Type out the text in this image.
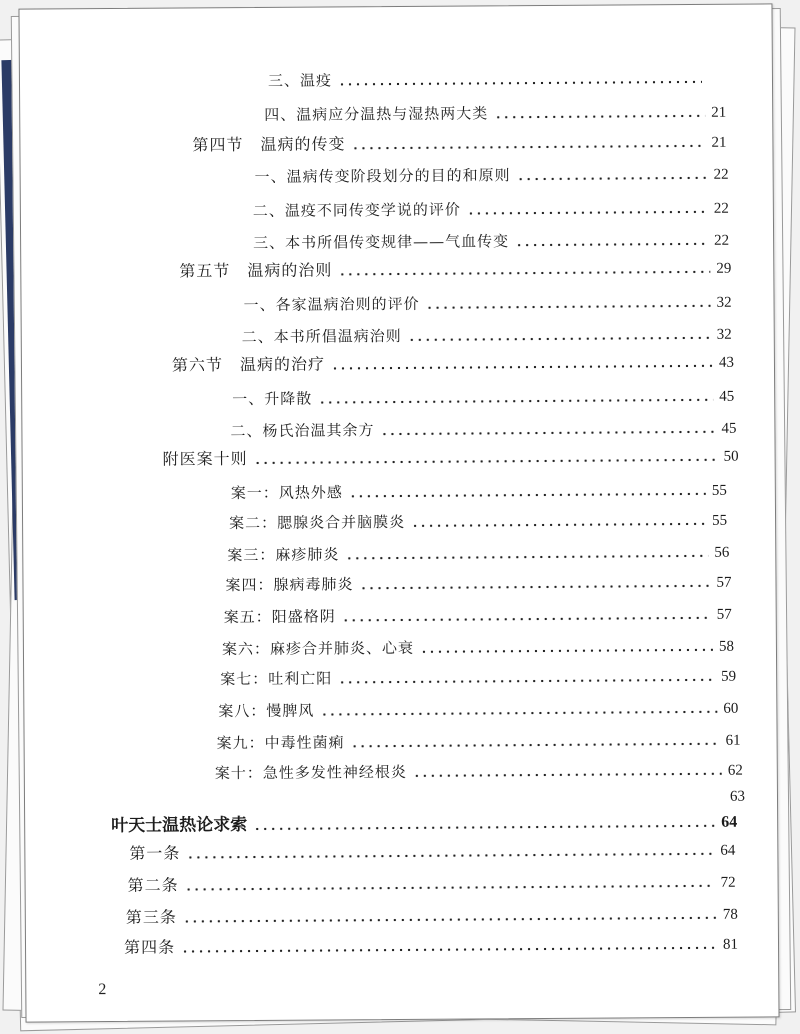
三、温疫
四、温病应分温热与湿热两大类	21
第四节　温病的传变	21
一、温病传变阶段划分的目的和原则	22
二、温疫不同传变学说的评价	22
三、本书所倡传变规律——气血传变	22
第五节　温病的治则	29
一、各家温病治则的评价	32
二、本书所倡温病治则	32
第六节　温病的治疗	43
一、升降散	45
二、杨氏治温其余方	45
附医案十则	50
案一：风热外感	55
案二：腮腺炎合并脑膜炎	55
案三：麻疹肺炎	56
案四：腺病毒肺炎	57
案五：阳盛格阴	57
案六：麻疹合并肺炎、心衰	58
案七：吐利亡阳	59
案八：慢脾风	60
案九：中毒性菌痢	61
案十：急性多发性神经根炎	62
63
叶天士温热论求索	64
第一条	64
第二条	72
第三条	78
第四条	81
2
